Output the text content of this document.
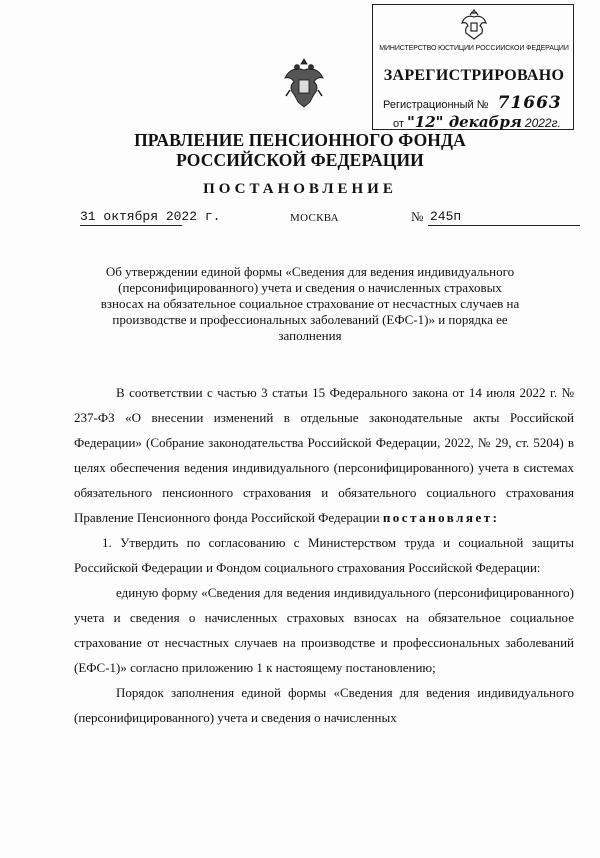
МИНИСТЕРСТВО ЮСТИЦИИ РОССИЙСКОЙ ФЕДЕРАЦИИ
ЗАРЕГИСТРИРОВАНО
Регистрационный № 71663
от "12" декабря 2022г.
ПРАВЛЕНИЕ ПЕНСИОННОГО ФОНДА
РОССИЙСКОЙ ФЕДЕРАЦИИ
ПОСТАНОВЛЕНИЕ
31 октября 2022 г.	МОСКВА	№ 245п
Об утверждении единой формы «Сведения для ведения индивидуального (персонифицированного) учета и сведения о начисленных страховых взносах на обязательное социальное страхование от несчастных случаев на производстве и профессиональных заболеваний (ЕФС-1)» и порядка ее заполнения

В соответствии с частью 3 статьи 15 Федерального закона от 14 июля 2022 г. № 237-ФЗ «О внесении изменений в отдельные законодательные акты Российской Федерации» (Собрание законодательства Российской Федерации, 2022, № 29, ст. 5204) в целях обеспечения ведения индивидуального (персонифицированного) учета в системах обязательного пенсионного страхования и обязательного социального страхования Правление Пенсионного фонда Российской Федерации постановляет:

1. Утвердить по согласованию с Министерством труда и социальной защиты Российской Федерации и Фондом социального страхования Российской Федерации:

единую форму «Сведения для ведения индивидуального (персонифицированного) учета и сведения о начисленных страховых взносах на обязательное социальное страхование от несчастных случаев на производстве и профессиональных заболеваний (ЕФС-1)» согласно приложению 1 к настоящему постановлению;

Порядок заполнения единой формы «Сведения для ведения индивидуального (персонифицированного) учета и сведения о начисленных
